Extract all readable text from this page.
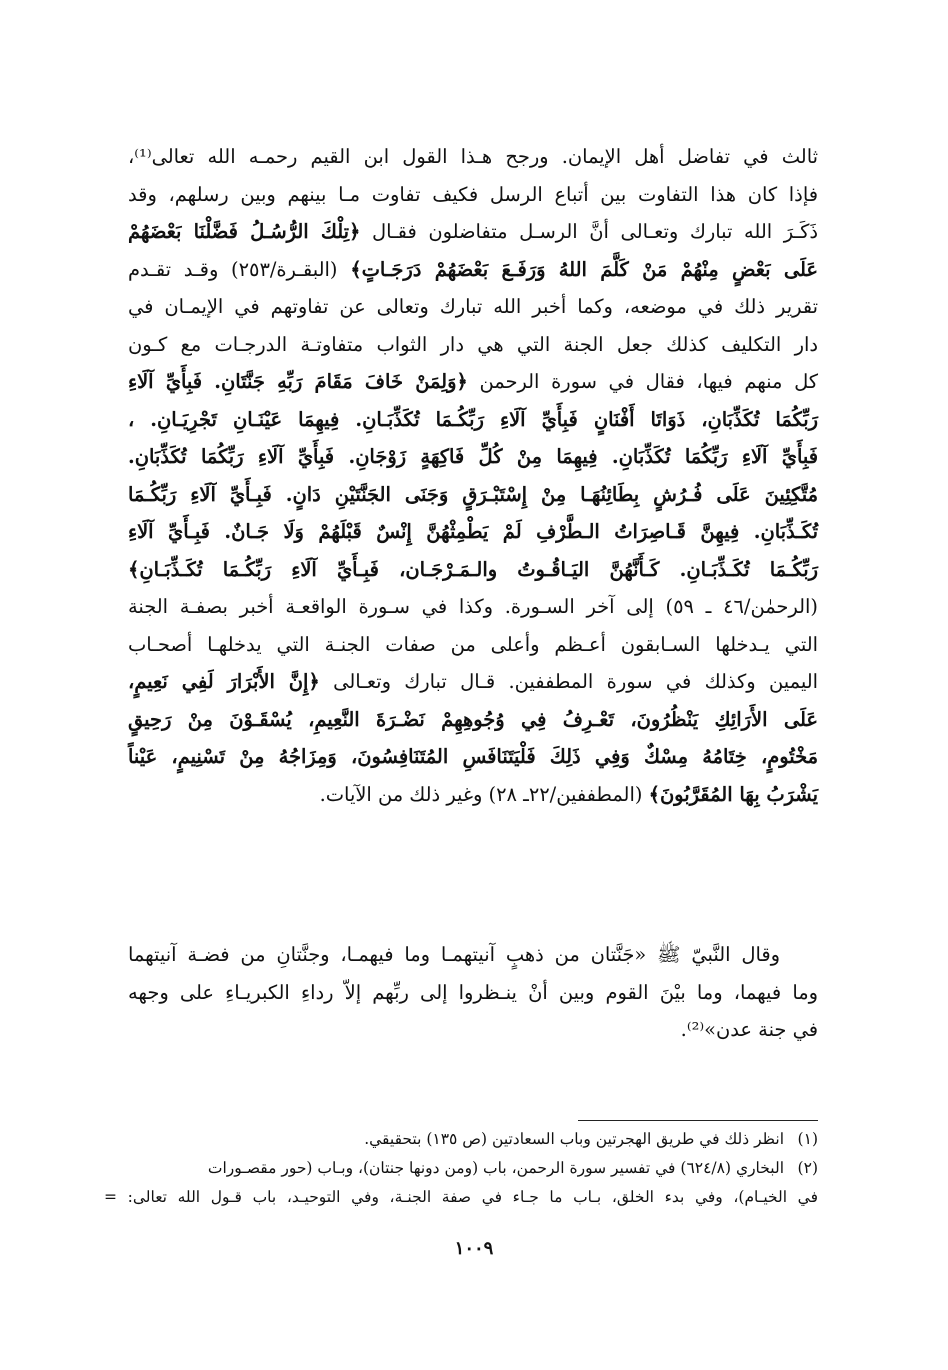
ثالث في تفاضل أهل الإيمان. ورجح هـذا القول ابن القيم رحمـه الله تعالى⁽¹⁾،
فإذا كان هذا التفاوت بين أتباع الرسل فكيف تفاوت مـا بينهم وبين رسلهم، وقد
ذَكَـرَ الله تبارك وتعـالى أنَّ الرسـل متفاضلون فقـال ﴿تِلْكَ الرُّسُـلُ فَضَّلْنَا بَعْضَهُمْ
عَلَى بَعْضٍ مِنْهُمْ مَنْ كَلَّمَ اللهُ وَرَفَـعَ بَعْضَهُمْ دَرَجَـاتٍ﴾ (البقـرة/٢٥٣) وقـد تقـدم
تقرير ذلك في موضعه، وكما أخبر الله تبارك وتعالى عن تفاوتهم في الإيمـان في
دار التكليف كذلك جعل الجنة التي هي دار الثواب متفاوتـة الدرجـات مع كـون
كل منهم فيها، فقال في سورة الرحمن ﴿وَلِمَنْ خَافَ مَقَامَ رَبِّهِ جَنَّتَانِ. فَبِأَيِّ آلَاءِ
رَبِّكُمَا تُكَذِّبَانِ، ذَوَاتَا أَفْنَانٍ فَبِأَيِّ آلَاءِ رَبِّكُـمَا تُكَذِّبَـانِ. فِيهِمَا عَيْنَـانِ تَجْرِيَـانِ. ،
فَبِأَيِّ آلَاءِ رَبِّكُمَا تُكَذِّبَانِ. فِيهِمَا مِنْ كُلِّ فَاكِهَةٍ زَوْجَانِ. فَبِأَيِّ آلَاءِ رَبِّكُمَا تُكَذِّبَانِ.
مُتَّكِئِينَ عَلَى فُـرُشٍ بِطَائِنُهَـا مِنْ إِسْتَبْـرَقٍ وَجَنَى الجَنَّتَيْنِ دَانٍ. فَبِـأَيِّ آلَاءِ رَبِّكُـمَا
تُكَـذِّبَانِ. فِيهِنَّ قَـاصِرَاتُ الـطَّرْفِ لَمْ يَطْمِثْهُنَّ إِنْسٌ قَبْلَهُمْ وَلَا جَـانٌ. فَبِـأَيِّ آلَاءِ
رَبِّكُـمَا تُكَـذِّبَـانِ. كَـأَنَّهُنَّ اليَـاقُـوتُ والـمَـرْجَـان، فَبِـأَيِّ آلَاءِ رَبِّكُـمَا تُكَـذِّبَـانِ﴾
(الرحمٰن/٤٦ ـ ٥٩) إلى آخر السـورة. وكذا في سـورة الواقعـة أخبر بصفـة الجنة
التي يـدخلها السـابقون أعـظم وأعلى من صفات الجنـة التي يدخلهـا أصحـاب
اليمين وكذلك في سورة المطففين. قـال تبارك وتعـالى ﴿إِنَّ الأَبْرَارَ لَفِي نَعِيمٍ،
عَلَى الأَرَائِكِ يَنْظُرُونَ، تَعْـرِفُ فِي وُجُوهِهِمْ نَضْـرَةَ النَّعِيمِ، يُسْقَـوْنَ مِنْ رَحِيقٍ
مَخْتُومٍ، خِتَامُهُ مِسْكٌ وَفِي ذَلِكَ فَلْيَتَنَافَسِ المُتَنَافِسُونَ، وَمِزَاجُهُ مِنْ تَسْنِيمٍ، عَيْناً
يَشْرَبُ بِهَا المُقَرَّبُونَ﴾ (المطففين/٢٢ـ ٢٨) وغير ذلك من الآيات.
وقال النَّبيّ ﷺ «جَنَّتان من ذهبٍ آنيتهمـا وما فيهمـا، وجنَّتانِ من فضـة آنيتهما
وما فيهما، وما بيْنَ القوم وبين أنْ ينـظروا إلى ربِّهم إلاّ رداءِ الكبريـاءِ على وجهه
في جنة عدن»⁽²⁾.
(١)انظر ذلك في طريق الهجرتين وباب السعادتين (ص ١٣٥) بتحقيقي.
(٢)البخاري (٦٢٤/٨) في تفسير سورة الرحمن، باب (ومن دونها جنتان)، وبـاب (حور مقصـورات
في الخيـام)، وفي بدء الخلق، بـاب ما جـاء في صفة الجنـة، وفي التوحيـد، باب قـول الله تعالى: =
١٠٠٩
